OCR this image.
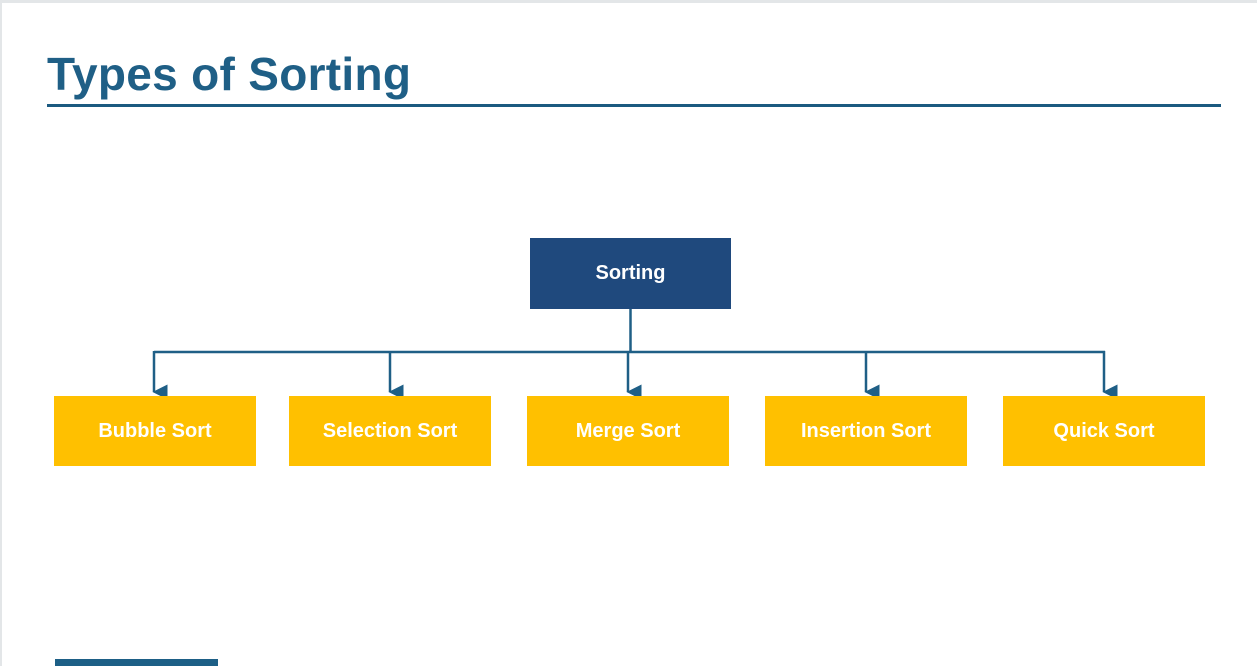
Types of Sorting
Sorting
Bubble Sort	Selection Sort	Merge Sort	Insertion Sort	Quick Sort
